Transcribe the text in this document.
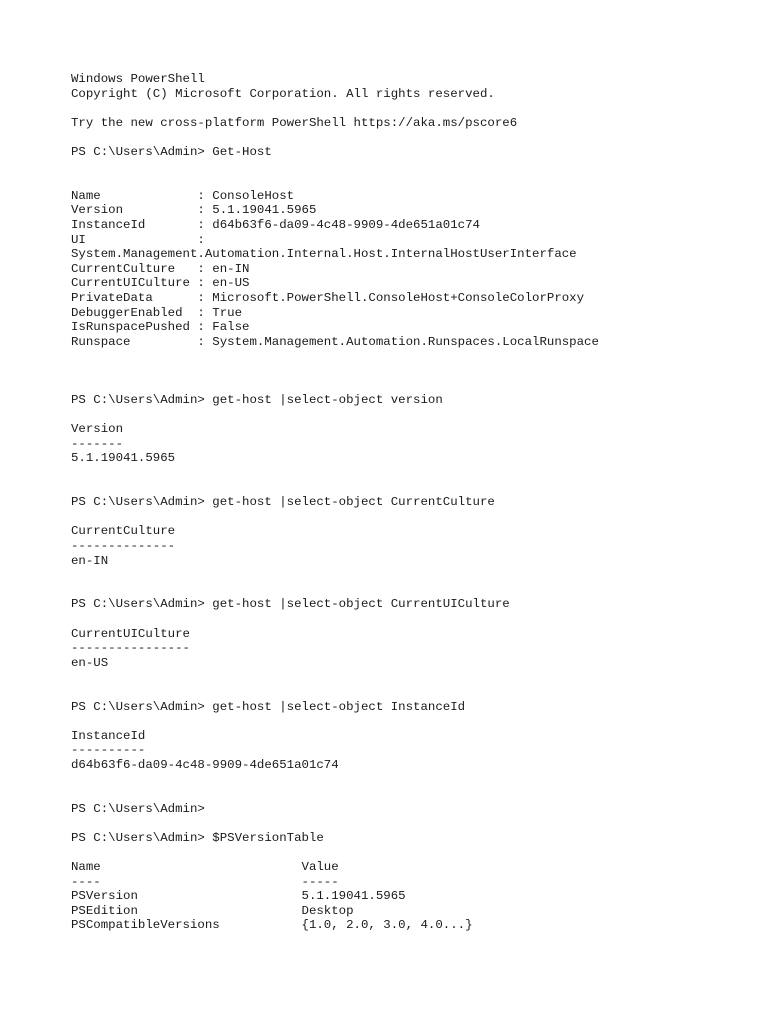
Windows PowerShell
Copyright (C) Microsoft Corporation. All rights reserved.
Try the new cross-platform PowerShell https://aka.ms/pscore6
PS C:\Users\Admin> Get-Host
Name             : ConsoleHost
Version          : 5.1.19041.5965
InstanceId       : d64b63f6-da09-4c48-9909-4de651a01c74
UI               :
System.Management.Automation.Internal.Host.InternalHostUserInterface
CurrentCulture   : en-IN
CurrentUICulture : en-US
PrivateData      : Microsoft.PowerShell.ConsoleHost+ConsoleColorProxy
DebuggerEnabled  : True
IsRunspacePushed : False
Runspace         : System.Management.Automation.Runspaces.LocalRunspace
PS C:\Users\Admin> get-host |select-object version
Version
-------
5.1.19041.5965
PS C:\Users\Admin> get-host |select-object CurrentCulture
CurrentCulture
--------------
en-IN
PS C:\Users\Admin> get-host |select-object CurrentUICulture
CurrentUICulture
----------------
en-US
PS C:\Users\Admin> get-host |select-object InstanceId
InstanceId
----------
d64b63f6-da09-4c48-9909-4de651a01c74
PS C:\Users\Admin>
PS C:\Users\Admin> $PSVersionTable
Name                           Value
----                           -----
PSVersion                      5.1.19041.5965
PSEdition                      Desktop
PSCompatibleVersions           {1.0, 2.0, 3.0, 4.0...}
